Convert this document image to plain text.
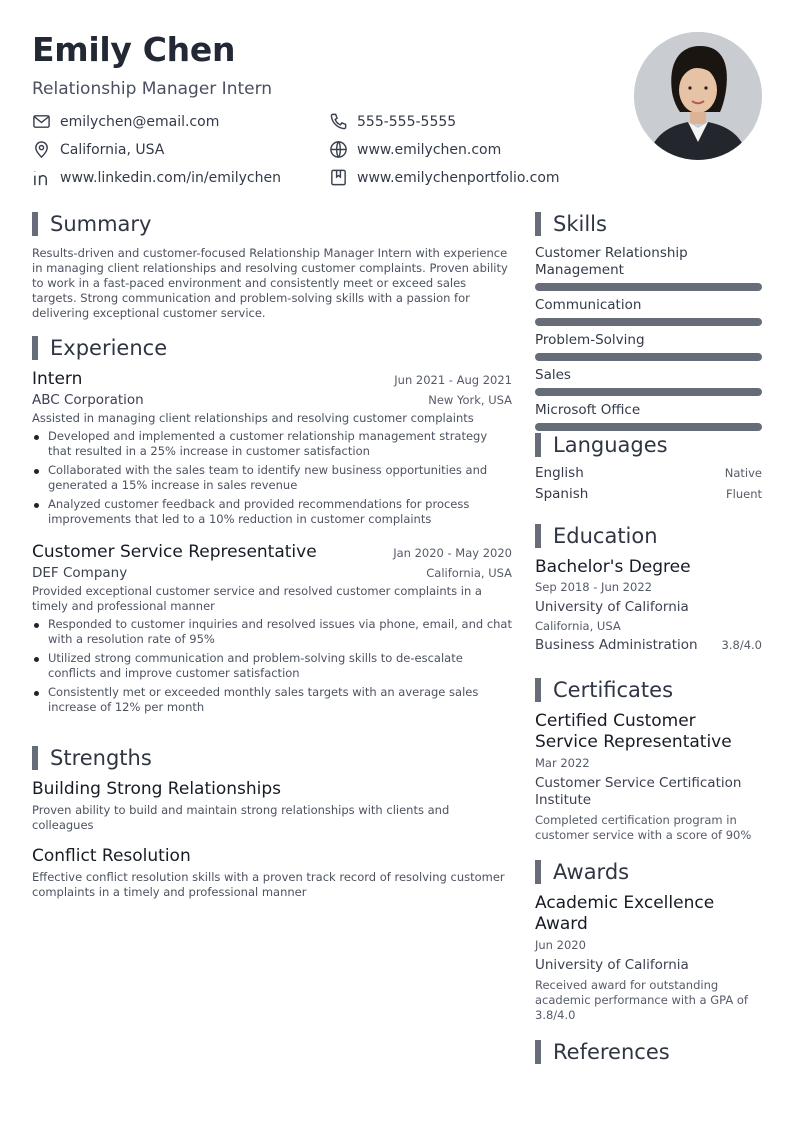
Emily Chen
Relationship Manager Intern
emilychen@email.com	555-555-5555
California, USA	www.emilychen.com
www.linkedin.com/in/emilychen	www.emilychenportfolio.com
Summary
Results-driven and customer-focused Relationship Manager Intern with experience in managing client relationships and resolving customer complaints. Proven ability to work in a fast-paced environment and consistently meet or exceed sales targets. Strong communication and problem-solving skills with a passion for delivering exceptional customer service.
Experience
Intern	Jun 2021 - Aug 2021
ABC Corporation	New York, USA
Assisted in managing client relationships and resolving customer complaints
Developed and implemented a customer relationship management strategy that resulted in a 25% increase in customer satisfaction
Collaborated with the sales team to identify new business opportunities and generated a 15% increase in sales revenue
Analyzed customer feedback and provided recommendations for process improvements that led to a 10% reduction in customer complaints
Customer Service Representative	Jan 2020 - May 2020
DEF Company	California, USA
Provided exceptional customer service and resolved customer complaints in a timely and professional manner
Responded to customer inquiries and resolved issues via phone, email, and chat with a resolution rate of 95%
Utilized strong communication and problem-solving skills to de-escalate conflicts and improve customer satisfaction
Consistently met or exceeded monthly sales targets with an average sales increase of 12% per month
Strengths
Building Strong Relationships
Proven ability to build and maintain strong relationships with clients and colleagues
Conflict Resolution
Effective conflict resolution skills with a proven track record of resolving customer complaints in a timely and professional manner
Skills
Customer Relationship Management
Communication
Problem-Solving
Sales
Microsoft Office
Languages
English	Native
Spanish	Fluent
Education
Bachelor's Degree
Sep 2018 - Jun 2022
University of California
California, USA
Business Administration 3.8/4.0
Certificates
Certified Customer Service Representative
Mar 2022
Customer Service Certification Institute
Completed certification program in customer service with a score of 90%
Awards
Academic Excellence Award
Jun 2020
University of California
Received award for outstanding academic performance with a GPA of 3.8/4.0
References
